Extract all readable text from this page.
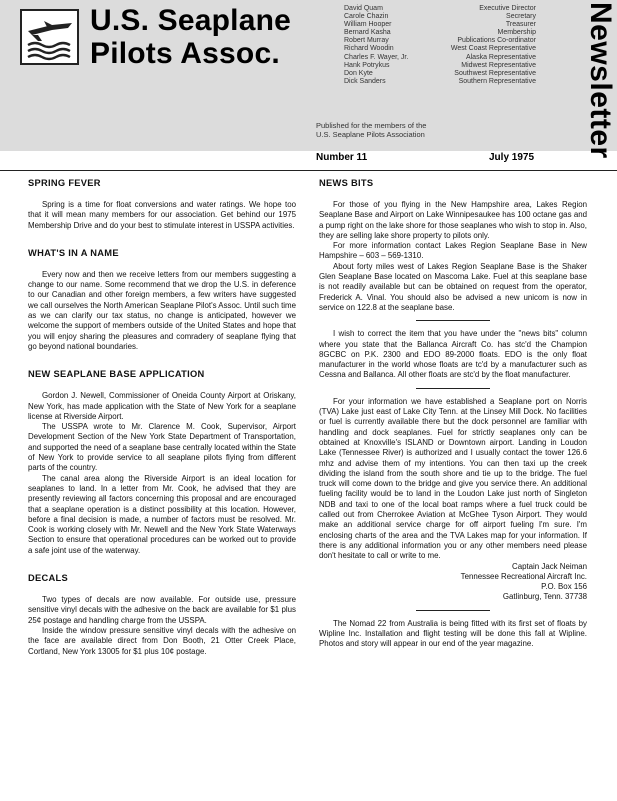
U.S. Seaplane
Pilots Assoc.
David Quam	Executive Director
Carole Chazin	Secretary
William Hooper	Treasurer
Bernard Kasha	Membership
Robert Murray	Publications Co-ordinator
Richard Woodin	West Coast Representative
Charles F. Wayer, Jr.	Alaska Representative
Hank Potrykus	Midwest Representative
Don Kyte	Southwest Representative
Dick Sanders	Southern Representative
Published for the members of the
U.S. Seaplane Pilots Association	Newsletter
Number 11	July 1975
SPRING FEVER

Spring is a time for float conversions and water ratings. We hope too that it will mean many members for our association. Get behind our 1975 Membership Drive and do your best to stimulate interest in USSPA activities.

WHAT'S IN A NAME

Every now and then we receive letters from our members suggesting a change to our name. Some recommend that we drop the U.S. in deference to our Canadian and other foreign members, a few writers have suggested we call ourselves the North American Seaplane Pilot's Assoc. Until such time as we can clarify our tax status, no change is anticipated, however we welcome the support of members outside of the United States and hope that you will enjoy sharing the pleasures and comradery of seaplane flying that go beyond national boundaries.

NEW SEAPLANE BASE APPLICATION

Gordon J. Newell, Commissioner of Oneida County Airport at Oriskany, New York, has made application with the State of New York for a seaplane license at Riverside Airport.

The USSPA wrote to Mr. Clarence M. Cook, Supervisor, Airport Development Section of the New York State Department of Transportation, and supported the need of a seaplane base centrally located within the State of New York to provide service to all seaplane pilots flying from different parts of the country.

The canal area along the Riverside Airport is an ideal location for seaplanes to land. In a letter from Mr. Cook, he advised that they are presently reviewing all factors concerning this proposal and are encouraged that a seaplane operation is a distinct possibility at this location. However, before a final decision is made, a number of factors must be resolved. Mr. Cook is working closely with Mr. Newell and the New York State Waterways Section to ensure that operational procedures can be worked out to provide a safe joint use of the waterway.

DECALS

Two types of decals are now available. For outside use, pressure sensitive vinyl decals with the adhesive on the back are available for $1 plus 25¢ postage and handling charge from the USSPA.

Inside the window pressure sensitive vinyl decals with the adhesive on the face are available direct from Don Booth, 21 Otter Creek Place, Cortland, New York 13005 for $1 plus 10¢ postage.

NEWS BITS

For those of you flying in the New Hampshire area, Lakes Region Seaplane Base and Airport on Lake Winnipesaukee has 100 octane gas and a pump right on the lake shore for those seaplanes who wish to stop in. Also, they are selling lake shore property to pilots only.

For more information contact Lakes Region Seaplane Base in New Hampshire – 603 – 569-1310.

About forty miles west of Lakes Region Seaplane Base is the Shaker Glen Seaplane Base located on Mascoma Lake. Fuel at this seaplane base is not readily available but can be obtained on request from the operator, Frederick A. Vinal. You should also be advised a new unicom is now in service on 122.8 at the seaplane base.

I wish to correct the item that you have under the "news bits" column where you state that the Ballanca Aircraft Co. has stc'd the Champion 8GCBC on P.K. 2300 and EDO 89-2000 floats. EDO is the only float manufacturer in the world whose floats are tc'd by a manufacturer such as Cessna and Ballanca. All other floats are stc'd by the float manufacturer.

For your information we have established a Seaplane port on Norris (TVA) Lake just east of Lake City Tenn. at the Linsey Mill Dock. No facilities or fuel is currently available there but the dock personnel are familiar with handling and dock seaplanes. Fuel for strictly seaplanes only can be obtained at Knoxville's ISLAND or Downtown airport. Landing in Loudon Lake (Tennessee River) is authorized and I usually contact the tower 126.6 mhz and advise them of my intentions. You can then taxi up the creek dividing the island from the south shore and tie up to the bridge. The fuel truck will come down to the bridge and give you service there. An additional fueling facility would be to land in the Loudon Lake just north of Singleton NDB and taxi to one of the local boat ramps where a fuel truck could be called out from Cherrokee Aviation at McGhee Tyson Airport. They would make an additional service charge for off airport fueling I'm sure. I'm enclosing charts of the area and the TVA Lakes map for your information. If there is any additional information you or any other members need please don't hesitate to call or write to me.

Captain Jack Neiman
Tennessee Recreational Aircraft Inc.
P.O. Box 156
Gatlinburg, Tenn. 37738

The Nomad 22 from Australia is being fitted with its first set of floats by Wipline Inc. Installation and flight testing will be done this fall at Wipline. Photos and story will appear in our end of the year magazine.
